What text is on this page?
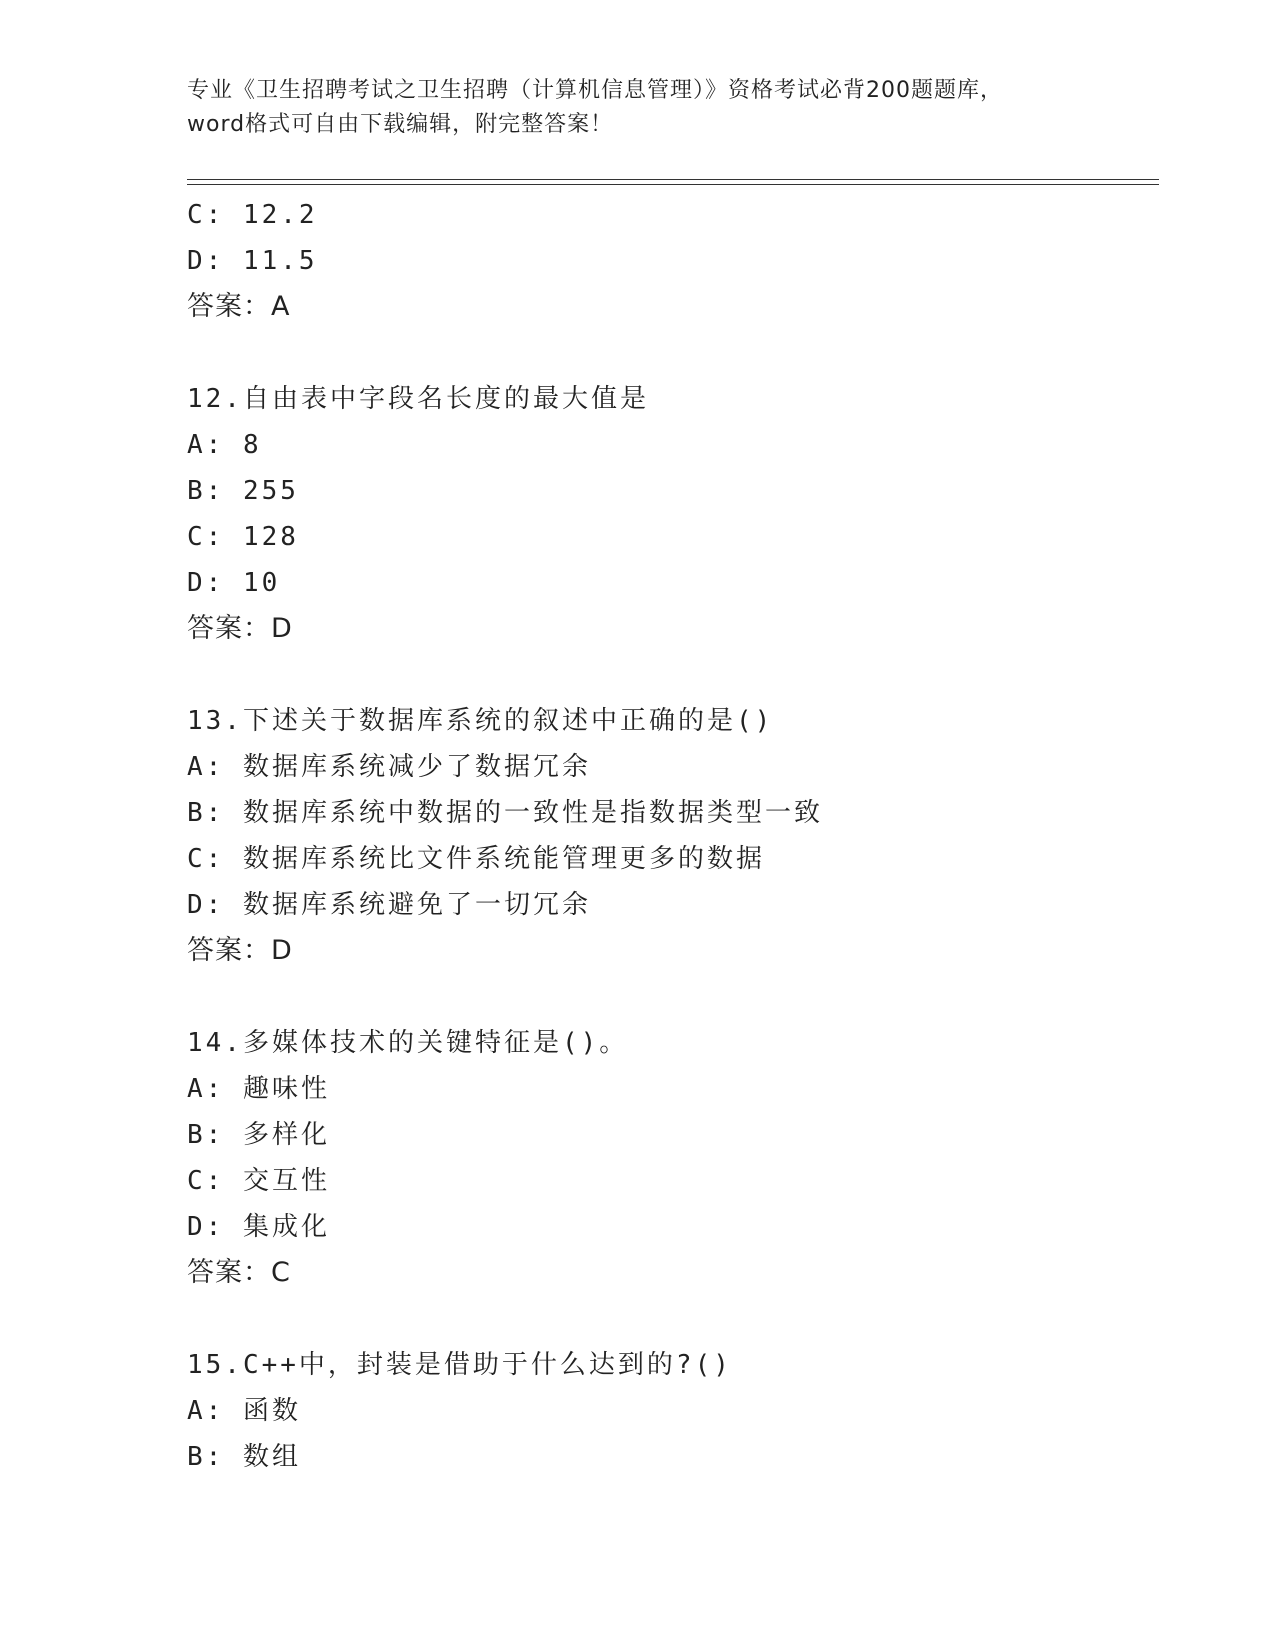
专业《卫生招聘考试之卫生招聘（计算机信息管理）》资格考试必背200题题库，
word格式可自由下载编辑，附完整答案！
C: 12.2
D: 11.5
答案：A
12.自由表中字段名长度的最大值是
A: 8
B: 255
C: 128
D: 10
答案：D
13.下述关于数据库系统的叙述中正确的是()
A: 数据库系统减少了数据冗余
B: 数据库系统中数据的一致性是指数据类型一致
C: 数据库系统比文件系统能管理更多的数据
D: 数据库系统避免了一切冗余
答案：D
14.多媒体技术的关键特征是()。
A: 趣味性
B: 多样化
C: 交互性
D: 集成化
答案：C
15.C++中，封装是借助于什么达到的?()
A: 函数
B: 数组
